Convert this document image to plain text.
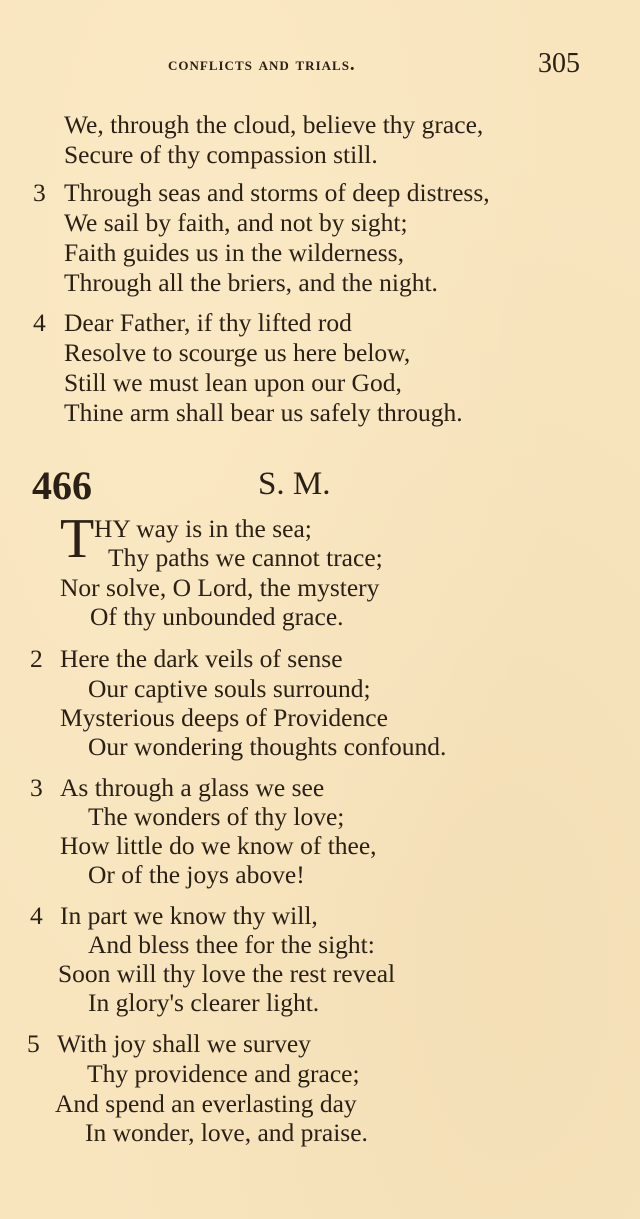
conflicts and trials.	305
We, through the cloud, believe thy grace,
Secure of thy compassion still.
3 Through seas and storms of deep distress,
We sail by faith, and not by sight;
Faith guides us in the wilderness,
Through all the briers, and the night.
4 Dear Father, if thy lifted rod
Resolve to scourge us here below,
Still we must lean upon our God,
Thine arm shall bear us safely through.
466	S. M.
T HY way is in the sea;
Thy paths we cannot trace;
Nor solve, O Lord, the mystery
Of thy unbounded grace.
2 Here the dark veils of sense
Our captive souls surround;
Mysterious deeps of Providence
Our wondering thoughts confound.
3 As through a glass we see
The wonders of thy love;
How little do we know of thee,
Or of the joys above!
4 In part we know thy will,
And bless thee for the sight:
Soon will thy love the rest reveal
In glory's clearer light.
5 With joy shall we survey
Thy providence and grace;
And spend an everlasting day
In wonder, love, and praise.
